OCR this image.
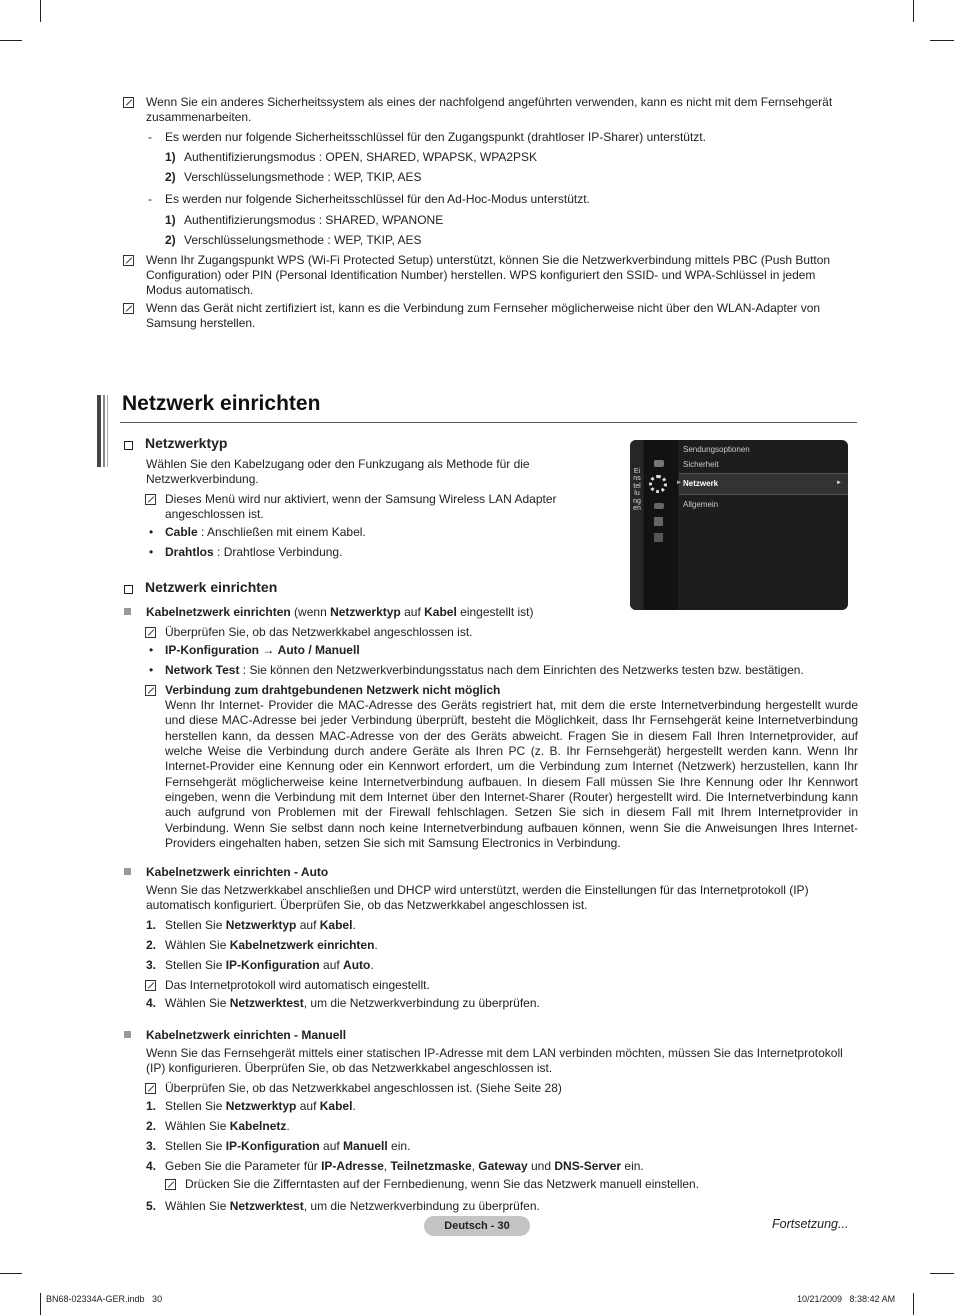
Wenn Sie ein anderes Sicherheitssystem als eines der nachfolgend angeführten verwenden, kann es nicht mit dem Fernsehgerät
zusammenarbeiten.
- Es werden nur folgende Sicherheitsschlüssel für den Zugangspunkt (drahtloser IP-Sharer) unterstützt.
1) Authentifizierungsmodus : OPEN, SHARED, WPAPSK, WPA2PSK
2) Verschlüsselungsmethode : WEP, TKIP, AES
- Es werden nur folgende Sicherheitsschlüssel für den Ad-Hoc-Modus unterstützt.
1) Authentifizierungsmodus : SHARED, WPANONE
2) Verschlüsselungsmethode : WEP, TKIP, AES
Wenn Ihr Zugangspunkt WPS (Wi-Fi Protected Setup) unterstützt, können Sie die Netzwerkverbindung mittels PBC (Push Button
Configuration) oder PIN (Personal Identification Number) herstellen. WPS konfiguriert den SSID- und WPA-Schlüssel in jedem
Modus automatisch.
Wenn das Gerät nicht zertifiziert ist, kann es die Verbindung zum Fernseher möglicherweise nicht über den WLAN-Adapter von
Samsung herstellen.
Netzwerk einrichten
Netzwerktyp
Wählen Sie den Kabelzugang oder den Funkzugang als Methode für die
Netzwerkverbindung.
Dieses Menü wird nur aktiviert, wenn der Samsung Wireless LAN Adapter
angeschlossen ist.
• Cable : Anschließen mit einem Kabel.
• Drahtlos : Drahtlose Verbindung.
Einstellungen
►
Sendungsoptionen
Sicherheit
Netzwerk	►
Allgemein
Netzwerk einrichten
Kabelnetzwerk einrichten (wenn Netzwerktyp auf Kabel eingestellt ist)
Überprüfen Sie, ob das Netzwerkkabel angeschlossen ist.
• IP-Konfiguration → Auto / Manuell
• Network Test : Sie können den Netzwerkverbindungsstatus nach dem Einrichten des Netzwerks testen bzw. bestätigen.
Verbindung zum drahtgebundenen Netzwerk nicht möglich
Wenn Ihr Internet- Provider die MAC-Adresse des Geräts registriert hat, mit dem die erste Internetverbindung hergestellt wurde und diese MAC-Adresse bei jeder Verbindung überprüft, besteht die Möglichkeit, dass Ihr Fernsehgerät keine Internetverbindung herstellen kann, da dessen MAC-Adresse von der des Geräts abweicht. Fragen Sie in diesem Fall Ihren Internetprovider, auf welche Weise die Verbindung durch andere Geräte als Ihren PC (z. B. Ihr Fernsehgerät) hergestellt werden kann. Wenn Ihr Internet-Provider eine Kennung oder ein Kennwort erfordert, um die Verbindung zum Internet (Netzwerk) herzustellen, kann Ihr Fernsehgerät möglicherweise keine Internetverbindung aufbauen. In diesem Fall müssen Sie Ihre Kennung oder Ihr Kennwort eingeben, wenn die Verbindung mit dem Internet über den Internet-Sharer (Router) hergestellt wird. Die Internetverbindung kann auch aufgrund von Problemen mit der Firewall fehlschlagen. Setzen Sie sich in diesem Fall mit Ihrem Internetprovider in Verbindung. Wenn Sie selbst dann noch keine Internetverbindung aufbauen können, wenn Sie die Anweisungen Ihres Internet-Providers eingehalten haben, setzen Sie sich mit Samsung Electronics in Verbindung.
Kabelnetzwerk einrichten - Auto
Wenn Sie das Netzwerkkabel anschließen und DHCP wird unterstützt, werden die Einstellungen für das Internetprotokoll (IP)
automatisch konfiguriert. Überprüfen Sie, ob das Netzwerkkabel angeschlossen ist.
1. Stellen Sie Netzwerktyp auf Kabel.
2. Wählen Sie Kabelnetzwerk einrichten.
3. Stellen Sie IP-Konfiguration auf Auto.
Das Internetprotokoll wird automatisch eingestellt.
4. Wählen Sie Netzwerktest, um die Netzwerkverbindung zu überprüfen.
Kabelnetzwerk einrichten - Manuell
Wenn Sie das Fernsehgerät mittels einer statischen IP-Adresse mit dem LAN verbinden möchten, müssen Sie das Internetprotokoll
(IP) konfigurieren. Überprüfen Sie, ob das Netzwerkkabel angeschlossen ist.
Überprüfen Sie, ob das Netzwerkkabel angeschlossen ist. (Siehe Seite 28)
1. Stellen Sie Netzwerktyp auf Kabel.
2. Wählen Sie Kabelnetz.
3. Stellen Sie IP-Konfiguration auf Manuell ein.
4. Geben Sie die Parameter für IP-Adresse, Teilnetzmaske, Gateway und DNS-Server ein.
Drücken Sie die Zifferntasten auf der Fernbedienung, wenn Sie das Netzwerk manuell einstellen.
5. Wählen Sie Netzwerktest, um die Netzwerkverbindung zu überprüfen.
Deutsch - 30	Fortsetzung...
BN68-02334A-GER.indb   30	10/21/2009   8:38:42 AM
